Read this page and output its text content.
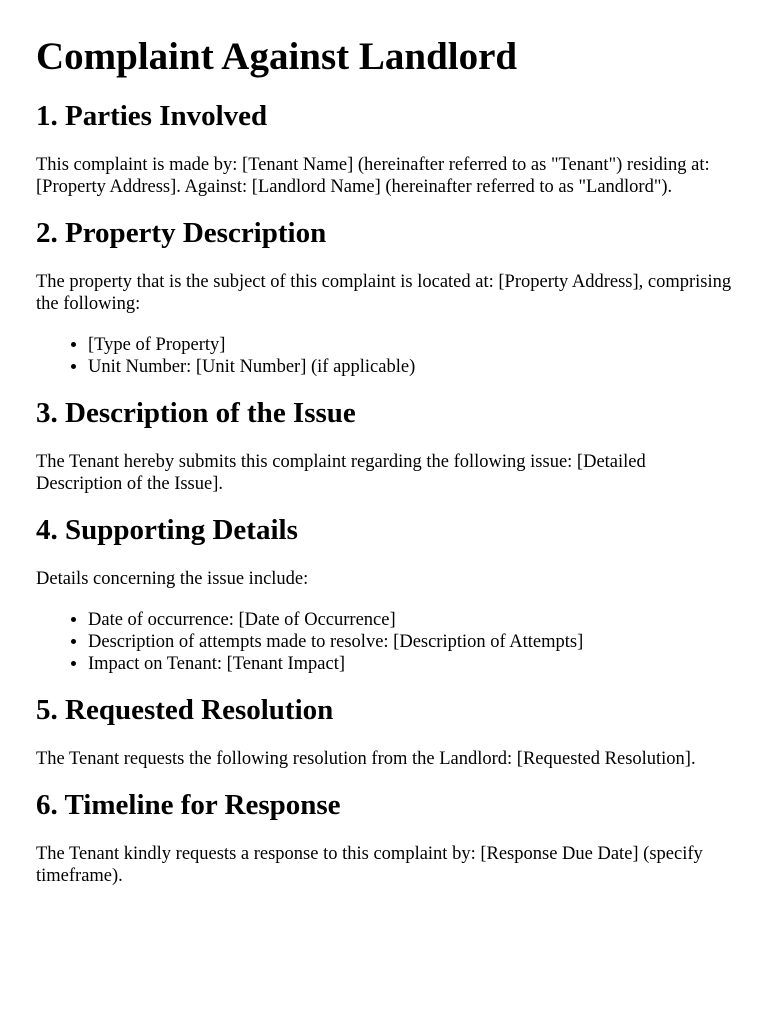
Complaint Against Landlord
1. Parties Involved

This complaint is made by: [Tenant Name] (hereinafter referred to as "Tenant") residing at: [Property Address]. Against: [Landlord Name] (hereinafter referred to as "Landlord").

2. Property Description

The property that is the subject of this complaint is located at: [Property Address], comprising the following:

• [Type of Property]
• Unit Number: [Unit Number] (if applicable)
3. Description of the Issue

The Tenant hereby submits this complaint regarding the following issue: [Detailed Description of the Issue].

4. Supporting Details

Details concerning the issue include:

• Date of occurrence: [Date of Occurrence]
• Description of attempts made to resolve: [Description of Attempts]
• Impact on Tenant: [Tenant Impact]
5. Requested Resolution

The Tenant requests the following resolution from the Landlord: [Requested Resolution].

6. Timeline for Response

The Tenant kindly requests a response to this complaint by: [Response Due Date] (specify timeframe).
